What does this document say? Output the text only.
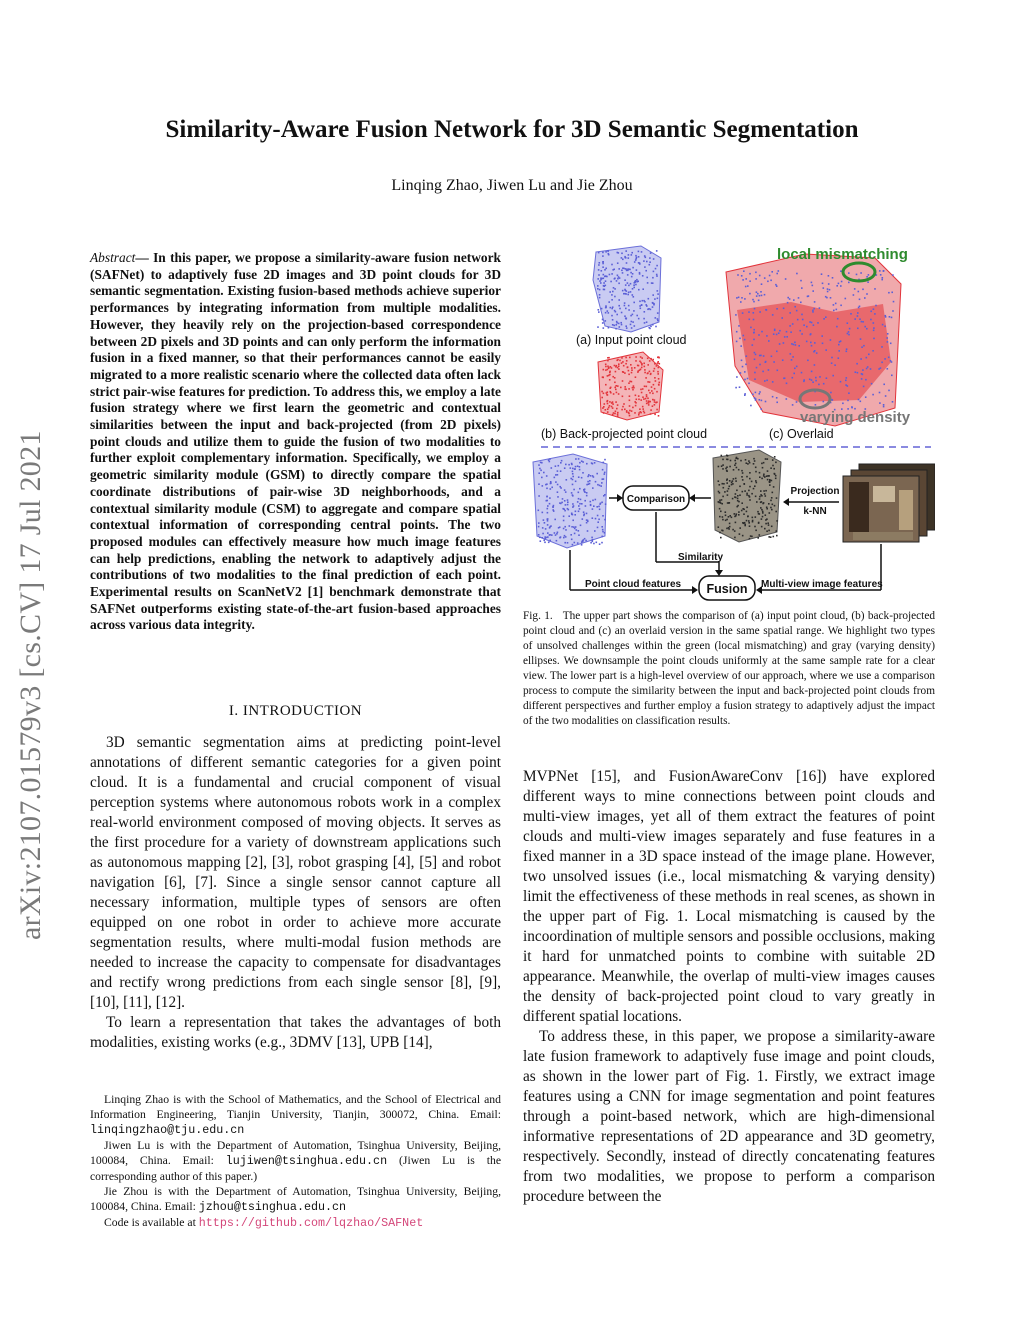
Similarity-Aware Fusion Network for 3D Semantic Segmentation
Linqing Zhao, Jiwen Lu and Jie Zhou
arXiv:2107.01579v3 [cs.CV] 17 Jul 2021
Abstract— In this paper, we propose a similarity-aware fusion network (SAFNet) to adaptively fuse 2D images and 3D point clouds for 3D semantic segmentation. Existing fusion-based methods achieve superior performances by integrating information from multiple modalities. However, they heavily rely on the projection-based correspondence between 2D pixels and 3D points and can only perform the information fusion in a fixed manner, so that their performances cannot be easily migrated to a more realistic scenario where the collected data often lack strict pair-wise features for prediction. To address this, we employ a late fusion strategy where we first learn the geometric and contextual similarities between the input and back-projected (from 2D pixels) point clouds and utilize them to guide the fusion of two modalities to further exploit complementary information. Specifically, we employ a geometric similarity module (GSM) to directly compare the spatial coordinate distributions of pair-wise 3D neighborhoods, and a contextual similarity module (CSM) to aggregate and compare spatial contextual information of corresponding central points. The two proposed modules can effectively measure how much image features can help predictions, enabling the network to adaptively adjust the contributions of two modalities to the final prediction of each point. Experimental results on ScanNetV2 [1] benchmark demonstrate that SAFNet outperforms existing state-of-the-art fusion-based approaches across various data integrity.
I. INTRODUCTION

3D semantic segmentation aims at predicting point-level annotations of different semantic categories for a given point cloud. It is a fundamental and crucial component of visual perception systems where autonomous robots work in a complex real-world environment composed of moving objects. It serves as the first procedure for a variety of downstream applications such as autonomous mapping [2], [3], robot grasping [4], [5] and robot navigation [6], [7]. Since a single sensor cannot capture all necessary information, multiple types of sensors are often equipped on one robot in order to achieve more accurate segmentation results, where multi-modal fusion methods are needed to increase the capacity to compensate for disadvantages and rectify wrong predictions from each single sensor [8], [9], [10], [11], [12].

To learn a representation that takes the advantages of both modalities, existing works (e.g., 3DMV [13], UPB [14],

Linqing Zhao is with the School of Mathematics, and the School of Electrical and Information Engineering, Tianjin University, Tianjin, 300072, China. Email: linqingzhao@tju.edu.cn

Jiwen Lu is with the Department of Automation, Tsinghua University, Beijing, 100084, China. Email: lujiwen@tsinghua.edu.cn (Jiwen Lu is the corresponding author of this paper.)

Jie Zhou is with the Department of Automation, Tsinghua University, Beijing, 100084, China. Email: jzhou@tsinghua.edu.cn

Code is available at https://github.com/lqzhao/SAFNet

(a) Input point cloud
(b) Back-projected point cloud
local mismatching
varying density
(c) Overlaid
Comparison
Projection
k-NN
Similarity
Fusion
Point cloud features	Multi-view image features
Fig. 1. The upper part shows the comparison of (a) input point cloud, (b) back-projected point cloud and (c) an overlaid version in the same spatial range. We highlight two types of unsolved challenges within the green (local mismatching) and gray (varying density) ellipses. We downsample the point clouds uniformly at the same sample rate for a clear view. The lower part is a high-level overview of our approach, where we use a comparison process to compute the similarity between the input and back-projected point clouds from different perspectives and further employ a fusion strategy to adaptively adjust the impact of the two modalities on classification results.

MVPNet [15], and FusionAwareConv [16]) have explored different ways to mine connections between point clouds and multi-view images, yet all of them extract the features of point clouds and multi-view images separately and fuse features in a fixed manner in a 3D space instead of the image plane. However, two unsolved issues (i.e., local mismatching & varying density) limit the effectiveness of these methods in real scenes, as shown in the upper part of Fig. 1. Local mismatching is caused by the incoordination of multiple sensors and possible occlusions, making it hard for unmatched points to combine with suitable 2D appearance. Meanwhile, the overlap of multi-view images causes the density of back-projected point cloud to vary greatly in different spatial locations.

To address these, in this paper, we propose a similarity-aware late fusion framework to adaptively fuse image and point clouds, as shown in the lower part of Fig. 1. Firstly, we extract image features using a CNN for image segmentation and point features through a point-based network, which are high-dimensional informative representations of 2D appearance and 3D geometry, respectively. Secondly, instead of directly concatenating features from two modalities, we propose to perform a comparison procedure between the
